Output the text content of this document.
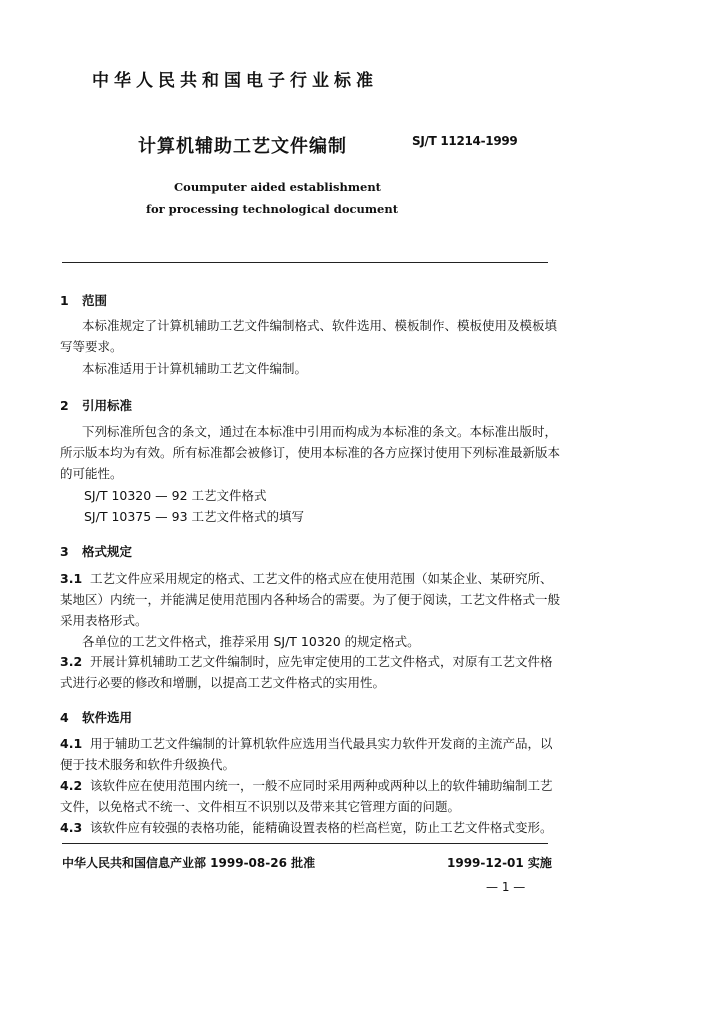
中华人民共和国电子行业标准
计算机辅助工艺文件编制	SJ/T 11214-1999
Coumputer aided establishment
for processing technological document
1 范围
本标准规定了计算机辅助工艺文件编制格式、软件选用、模板制作、模板使用及模板填
写等要求。
本标准适用于计算机辅助工艺文件编制。
2 引用标准
下列标准所包含的条文，通过在本标准中引用而构成为本标准的条文。本标准出版时，
所示版本均为有效。所有标准都会被修订，使用本标准的各方应探讨使用下列标准最新版本
的可能性。
SJ/T 10320 — 92 工艺文件格式
SJ/T 10375 — 93 工艺文件格式的填写
3 格式规定
3.1 工艺文件应采用规定的格式、工艺文件的格式应在使用范围（如某企业、某研究所、
某地区）内统一，并能满足使用范围内各种场合的需要。为了便于阅读，工艺文件格式一般
采用表格形式。
各单位的工艺文件格式，推荐采用 SJ/T 10320 的规定格式。
3.2 开展计算机辅助工艺文件编制时，应先审定使用的工艺文件格式，对原有工艺文件格
式进行必要的修改和增删，以提高工艺文件格式的实用性。
4 软件选用
4.1 用于辅助工艺文件编制的计算机软件应选用当代最具实力软件开发商的主流产品，以
便于技术服务和软件升级换代。
4.2 该软件应在使用范围内统一，一般不应同时采用两种或两种以上的软件辅助编制工艺
文件，以免格式不统一、文件相互不识别以及带来其它管理方面的问题。
4.3 该软件应有较强的表格功能，能精确设置表格的栏高栏宽，防止工艺文件格式变形。
中华人民共和国信息产业部 1999-08-26 批准	1999-12-01 实施
— 1 —
